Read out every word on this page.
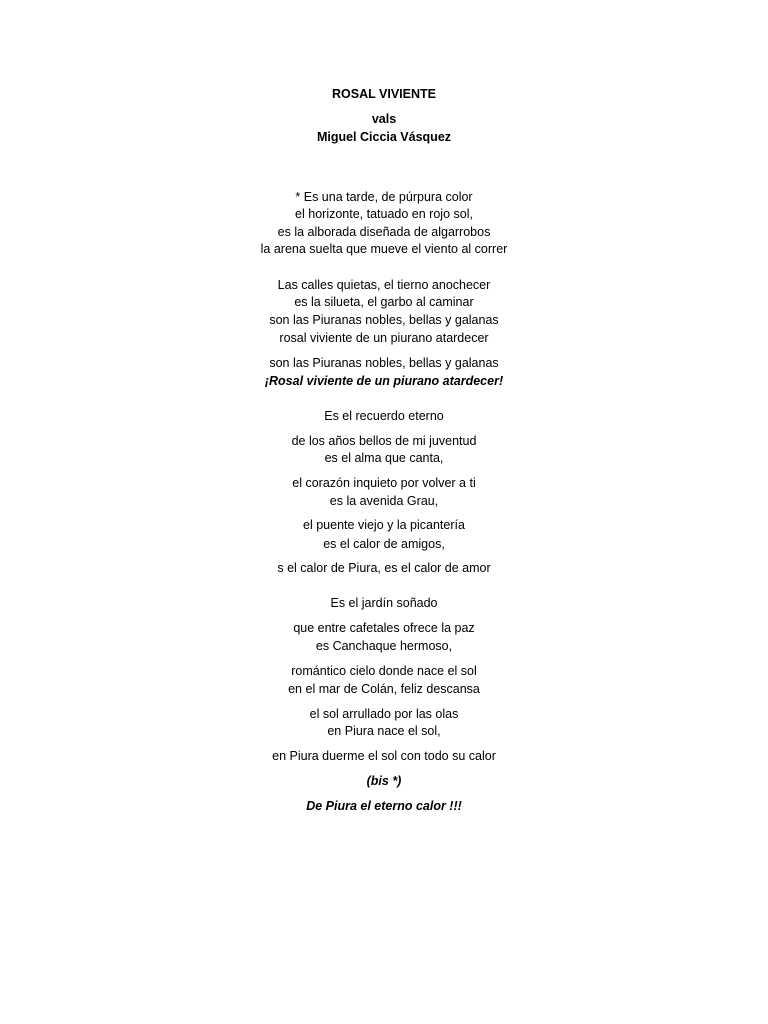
ROSAL VIVIENTE
vals
Miguel Ciccia Vásquez
* Es una tarde, de púrpura color
el horizonte, tatuado en rojo sol,
es la alborada diseñada de algarrobos
la arena suelta que mueve el viento al correr
Las calles quietas, el tierno anochecer
es la silueta, el garbo al caminar
son las Piuranas nobles, bellas y galanas
rosal viviente de un piurano atardecer
son las Piuranas nobles, bellas y galanas
¡Rosal viviente de un piurano atardecer!
Es el recuerdo eterno
de los años bellos de mi juventud
es el alma que canta,
el corazón inquieto por volver a ti
es la avenida Grau,
el puente viejo y la picantería
es el calor de amigos,
s el calor de Piura, es el calor de amor
Es el jardín soñado
que entre cafetales ofrece la paz
es Canchaque hermoso,
romántico cielo donde nace el sol
en el mar de Colán, feliz descansa
el sol arrullado por las olas
en Piura nace el sol,
en Piura duerme el sol con todo su calor
(bis *)
De Piura el eterno calor !!!
